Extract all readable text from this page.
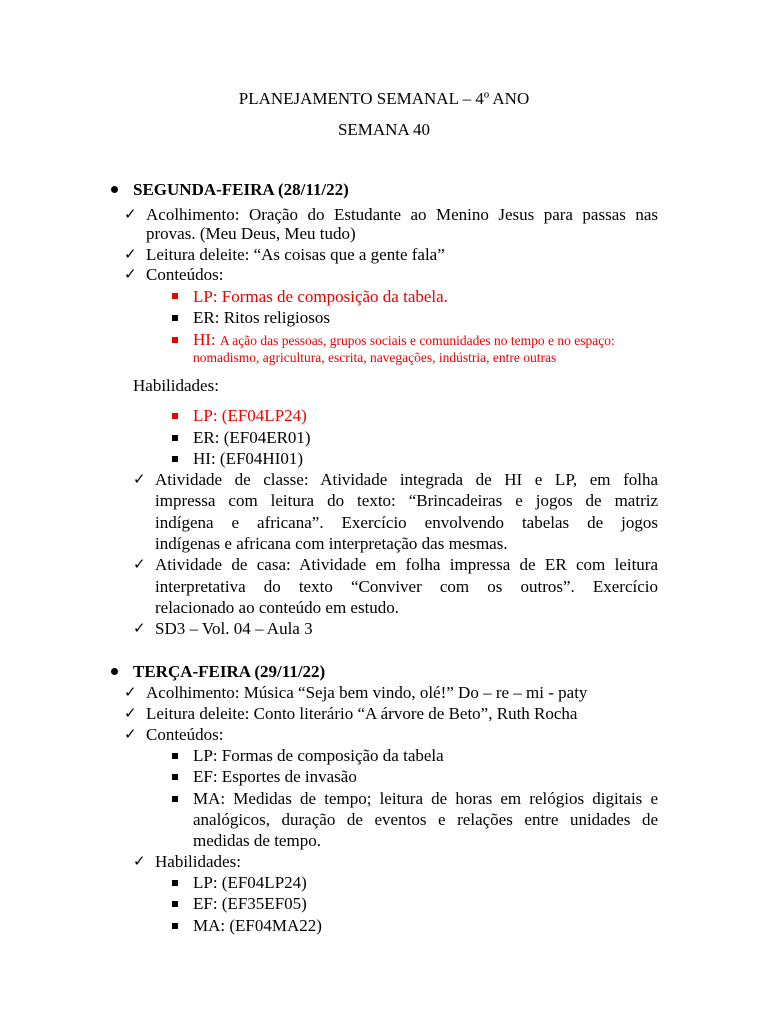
PLANEJAMENTO SEMANAL – 4º ANO
SEMANA 40
SEGUNDA-FEIRA (28/11/22)
✓ Acolhimento: Oração do Estudante ao Menino Jesus para passas nas
provas. (Meu Deus, Meu tudo)
✓ Leitura deleite: “As coisas que a gente fala”
✓ Conteúdos:
LP: Formas de composição da tabela.
ER: Ritos religiosos
HI: A ação das pessoas, grupos sociais e comunidades no tempo e no espaço:
nomadismo, agricultura, escrita, navegações, indústria, entre outras
Habilidades:
LP: (EF04LP24)
ER: (EF04ER01)
HI: (EF04HI01)
✓ Atividade de classe: Atividade integrada de HI e LP, em folha
impressa com leitura do texto: “Brincadeiras e jogos de matriz
indígena e africana”. Exercício envolvendo tabelas de jogos
indígenas e africana com interpretação das mesmas.
✓ Atividade de casa: Atividade em folha impressa de ER com leitura
interpretativa do texto “Conviver com os outros”. Exercício
relacionado ao conteúdo em estudo.
✓ SD3 – Vol. 04 – Aula 3
TERÇA-FEIRA (29/11/22)
✓ Acolhimento: Música “Seja bem vindo, olé!” Do – re – mi - paty
✓ Leitura deleite: Conto literário “A árvore de Beto”, Ruth Rocha
✓ Conteúdos:
LP: Formas de composição da tabela
EF: Esportes de invasão
MA: Medidas de tempo; leitura de horas em relógios digitais e
analógicos, duração de eventos e relações entre unidades de
medidas de tempo.
✓ Habilidades:
LP: (EF04LP24)
EF: (EF35EF05)
MA: (EF04MA22)
